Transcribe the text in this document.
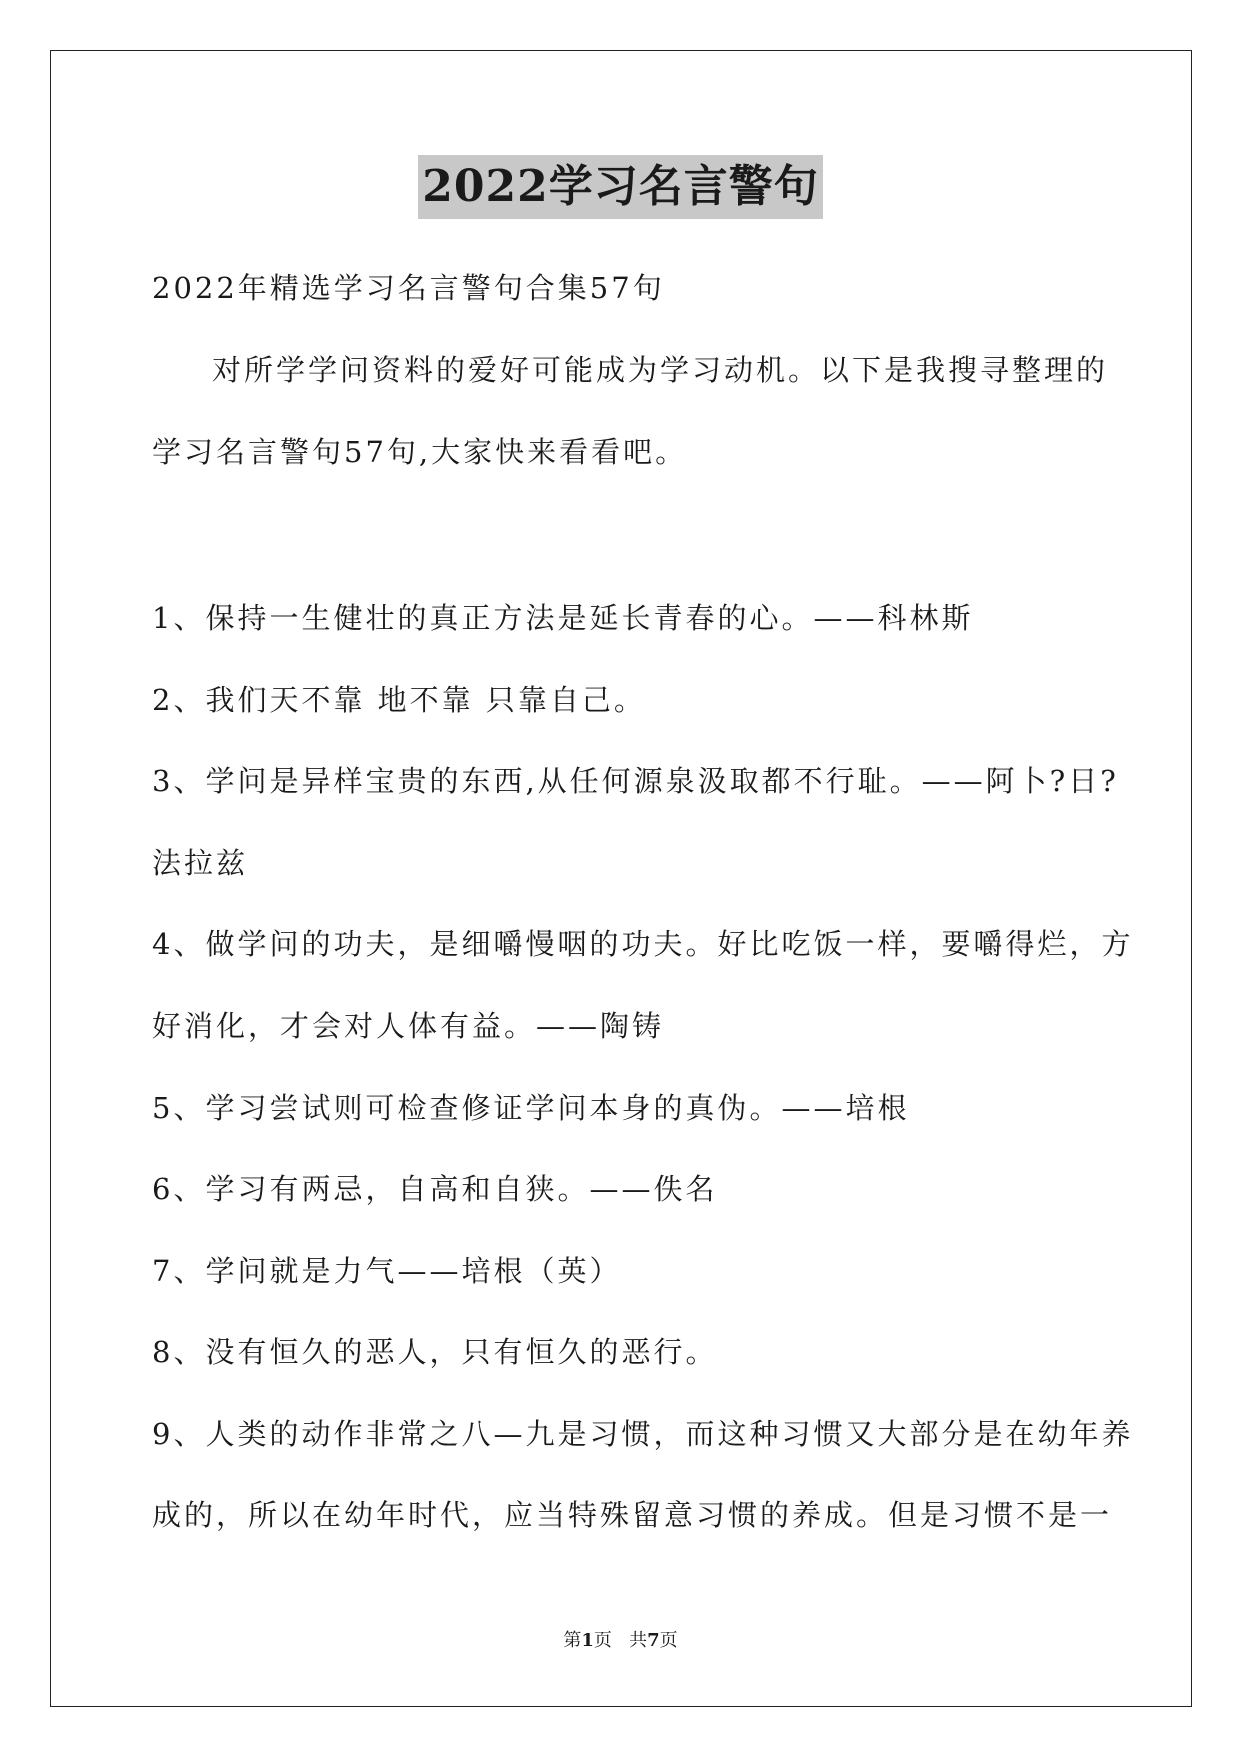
2022学习名言警句
2022年精选学习名言警句合集57句
对所学学问资料的爱好可能成为学习动机。以下是我搜寻整理的
学习名言警句57句,大家快来看看吧。
1、保持一生健壮的真正方法是延长青春的心。——科林斯
2、我们天不靠 地不靠 只靠自己。
3、学问是异样宝贵的东西,从任何源泉汲取都不行耻。——阿卜?日?
法拉兹
4、做学问的功夫，是细嚼慢咽的功夫。好比吃饭一样，要嚼得烂，方
好消化，才会对人体有益。——陶铸
5、学习尝试则可检查修证学问本身的真伪。——培根
6、学习有两忌，自高和自狭。——佚名
7、学问就是力气——培根（英）
8、没有恒久的恶人，只有恒久的恶行。
9、人类的动作非常之八—九是习惯，而这种习惯又大部分是在幼年养
成的，所以在幼年时代，应当特殊留意习惯的养成。但是习惯不是一
第1页   共7页
